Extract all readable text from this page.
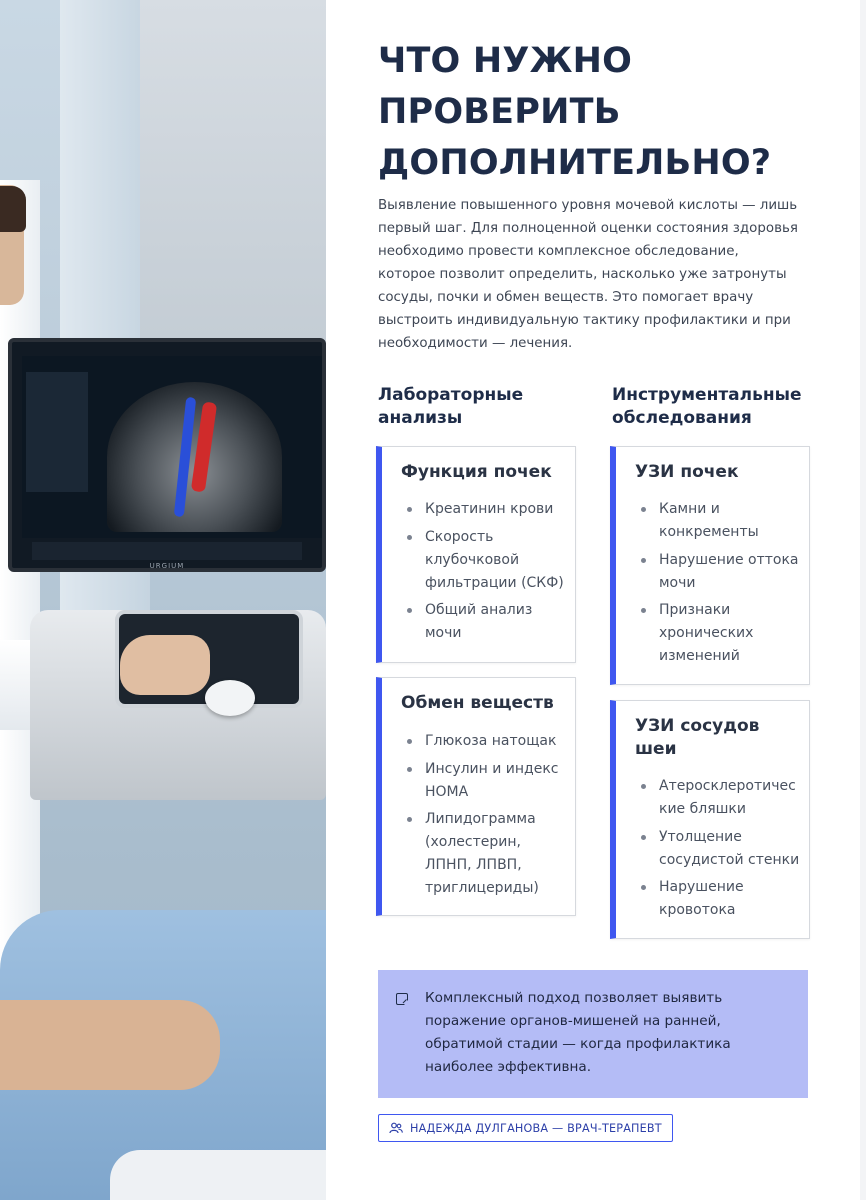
URGIUM
ЧТО НУЖНО
ПРОВЕРИТЬ
ДОПОЛНИТЕЛЬНО?

Выявление повышенного уровня мочевой кислоты — лишь первый шаг. Для полноценной оценки состояния здоровья необходимо провести комплексное обследование, которое позволит определить, насколько уже затронуты сосуды, почки и обмен веществ. Это помогает врачу выстроить индивидуальную тактику профилактики и при необходимости — лечения.

Лабораторные
анализы
Инструментальные
обследования
Функция почек
Креатинин крови
Скорость клубочковой фильтрации (СКФ)
Общий анализ мочи
Обмен веществ
Глюкоза натощак
Инсулин и индекс HOMA
Липидограмма (холестерин, ЛПНП, ЛПВП, триглицериды)
УЗИ почек
Камни и конкременты
Нарушение оттока мочи
Признаки хронических изменений
УЗИ сосудов шеи
Атеросклеротические бляшки
Утолщение сосудистой стенки
Нарушение кровотока

Комплексный подход позволяет выявить поражение органов-мишеней на ранней, обратимой стадии — когда профилактика наиболее эффективна.

НАДЕЖДА ДУЛГАНОВА — ВРАЧ-ТЕРАПЕВТ
